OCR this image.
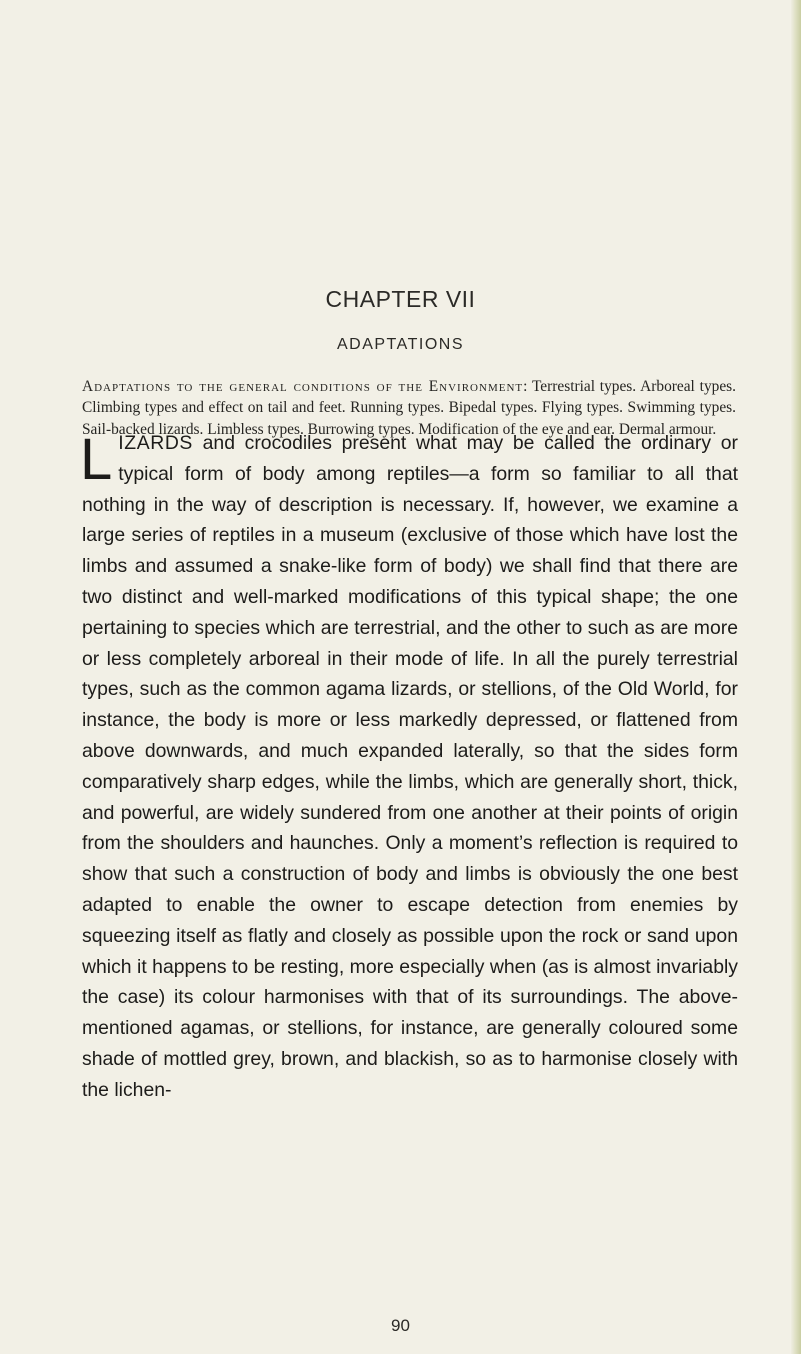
CHAPTER VII
ADAPTATIONS
Adaptations to the general conditions of the Environment: Terrestrial types. Arboreal types. Climbing types and effect on tail and feet. Running types. Bipedal types. Flying types. Swimming types. Sail-backed lizards. Limbless types. Burrowing types. Modification of the eye and ear. Dermal armour.
LIZARDS and crocodiles present what may be called the ordinary or typical form of body among reptiles—a form so familiar to all that nothing in the way of description is necessary. If, however, we examine a large series of reptiles in a museum (exclusive of those which have lost the limbs and assumed a snake-like form of body) we shall find that there are two distinct and well-marked modifications of this typical shape; the one pertaining to species which are terrestrial, and the other to such as are more or less completely arboreal in their mode of life. In all the purely terrestrial types, such as the common agama lizards, or stellions, of the Old World, for instance, the body is more or less markedly depressed, or flattened from above downwards, and much expanded laterally, so that the sides form comparatively sharp edges, while the limbs, which are generally short, thick, and powerful, are widely sundered from one another at their points of origin from the shoulders and haunches. Only a moment’s reflection is required to show that such a construction of body and limbs is obviously the one best adapted to enable the owner to escape detection from enemies by squeezing itself as flatly and closely as possible upon the rock or sand upon which it happens to be resting, more especially when (as is almost invariably the case) its colour harmonises with that of its surroundings. The above-mentioned agamas, or stellions, for instance, are generally coloured some shade of mottled grey, brown, and blackish, so as to harmonise closely with the lichen-
90
